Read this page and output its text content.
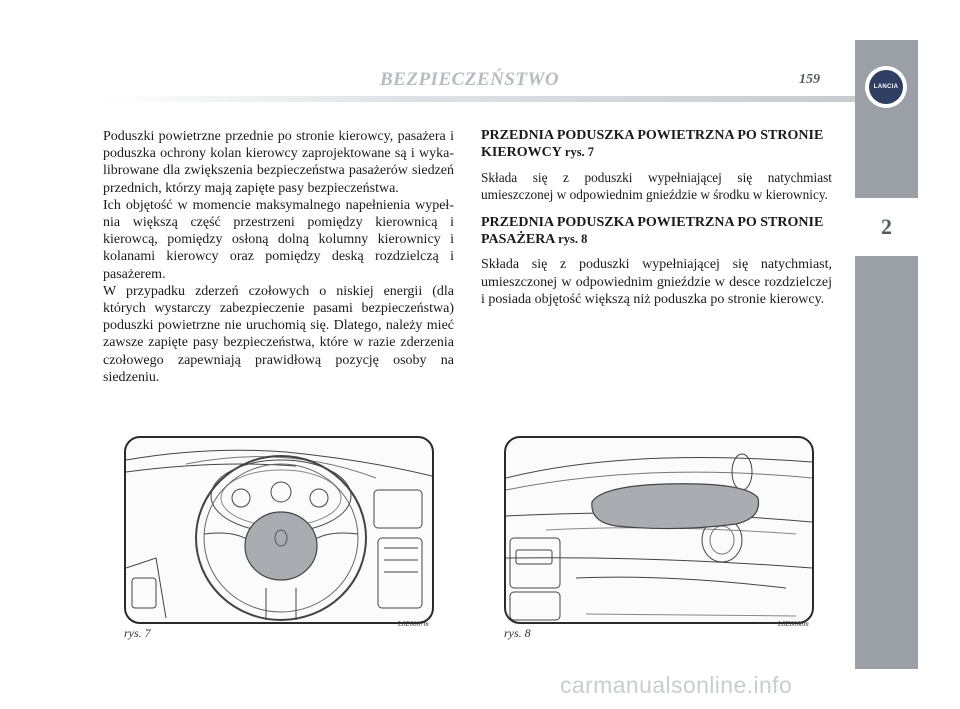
LANCIA
2
BEZPIECZEŃSTWO	159

Poduszki powietrzne przednie po stronie kierowcy, pasażera i poduszka ochrony kolan kierowcy zaprojektowane są i wyka-librowane dla zwiększenia bezpieczeństwa pasażerów siedzeń przednich, którzy mają zapięte pasy bezpieczeństwa.

Ich objętość w momencie maksymalnego napełnienia wypeł-nia większą część przestrzeni pomiędzy kierownicą i kierowcą, pomiędzy osłoną dolną kolumny kierownicy i kolanami kierowcy oraz pomiędzy deską rozdzielczą i pasażerem.

W przypadku zderzeń czołowych o niskiej energii (dla których wystarczy zabezpieczenie pasami bezpieczeństwa) poduszki powietrzne nie uruchomią się. Dlatego, należy mieć zawsze zapięte pasy bezpieczeństwa, które w razie zderzenia czołowego zapewniają prawidłową pozycję osoby na siedzeniu.

PRZEDNIA PODUSZKA POWIETRZNA PO STRONIE KIEROWCY rys. 7

Składa się z poduszki wypełniającej się natychmiast umieszczonej w odpowiednim gnieździe w środku w kierownicy.

PRZEDNIA PODUSZKA POWIETRZNA PO STRONIE PASAŻERA rys. 8

Składa się z poduszki wypełniającej się natychmiast, umieszczonej w odpowiednim gnieździe w desce rozdzielczej i posiada objętość większą niż poduszka po stronie kierowcy.

rys. 7
L0E0067m
rys. 8
L0E0068m
carmanualsonline.info
